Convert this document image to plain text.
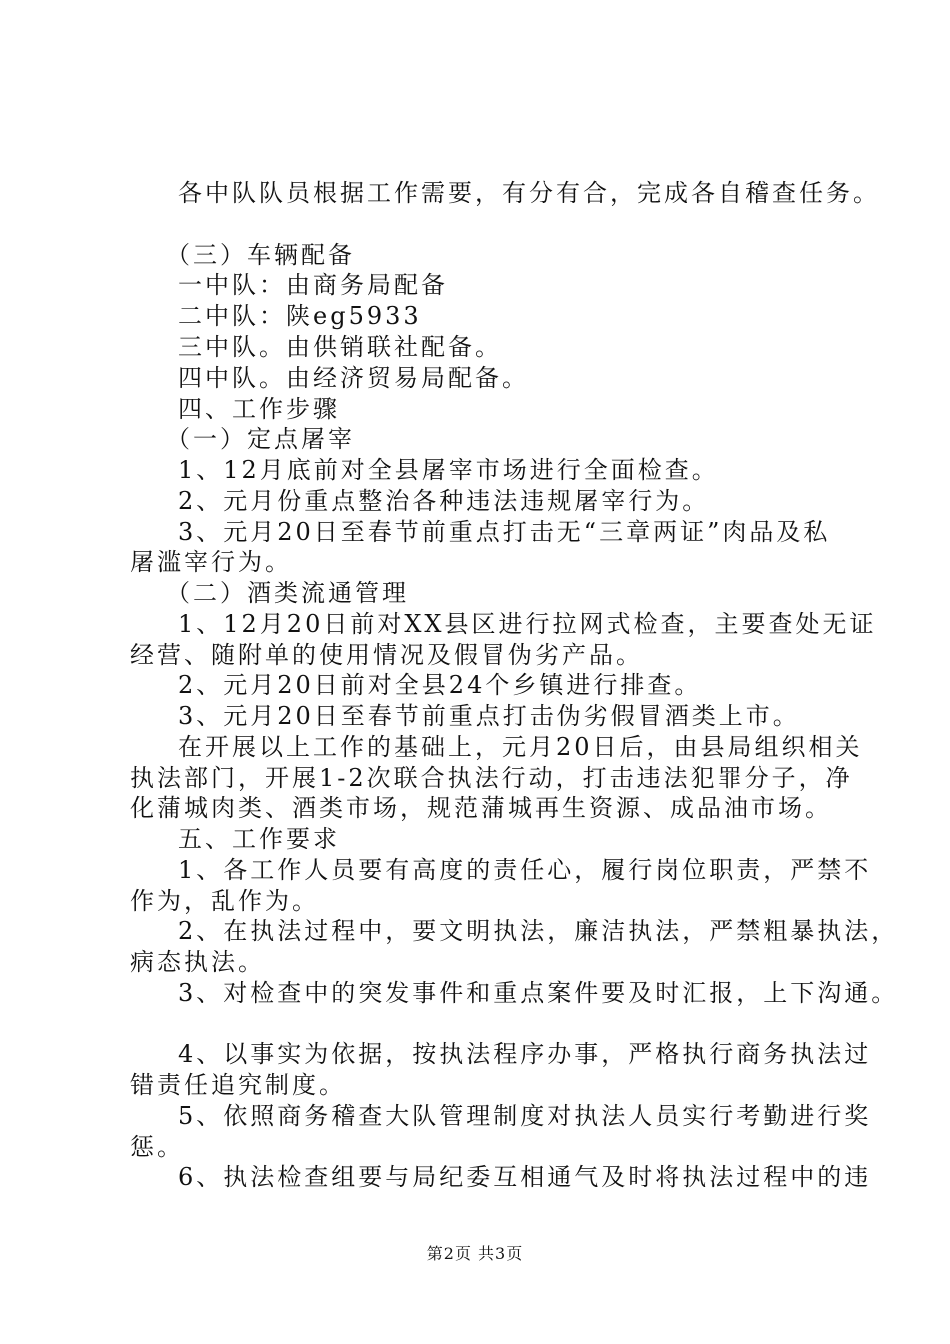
各中队队员根据工作需要，有分有合，完成各自稽查任务。
（三）车辆配备
一中队：由商务局配备
二中队：陕eg5933
三中队。由供销联社配备。
四中队。由经济贸易局配备。
四、工作步骤
（一）定点屠宰
1、12月底前对全县屠宰市场进行全面检查。
2、元月份重点整治各种违法违规屠宰行为。
3、元月20日至春节前重点打击无“三章两证”肉品及私
屠滥宰行为。
（二）酒类流通管理
1、12月20日前对XX县区进行拉网式检查，主要查处无证
经营、随附单的使用情况及假冒伪劣产品。
2、元月20日前对全县24个乡镇进行排查。
3、元月20日至春节前重点打击伪劣假冒酒类上市。
在开展以上工作的基础上，元月20日后，由县局组织相关
执法部门，开展1-2次联合执法行动，打击违法犯罪分子，净
化蒲城肉类、酒类市场，规范蒲城再生资源、成品油市场。
五、工作要求
1、各工作人员要有高度的责任心，履行岗位职责，严禁不
作为，乱作为。
2、在执法过程中，要文明执法，廉洁执法，严禁粗暴执法，
病态执法。
3、对检查中的突发事件和重点案件要及时汇报，上下沟通。
4、以事实为依据，按执法程序办事，严格执行商务执法过
错责任追究制度。
5、依照商务稽查大队管理制度对执法人员实行考勤进行奖
惩。
6、执法检查组要与局纪委互相通气及时将执法过程中的违
第2页 共3页
